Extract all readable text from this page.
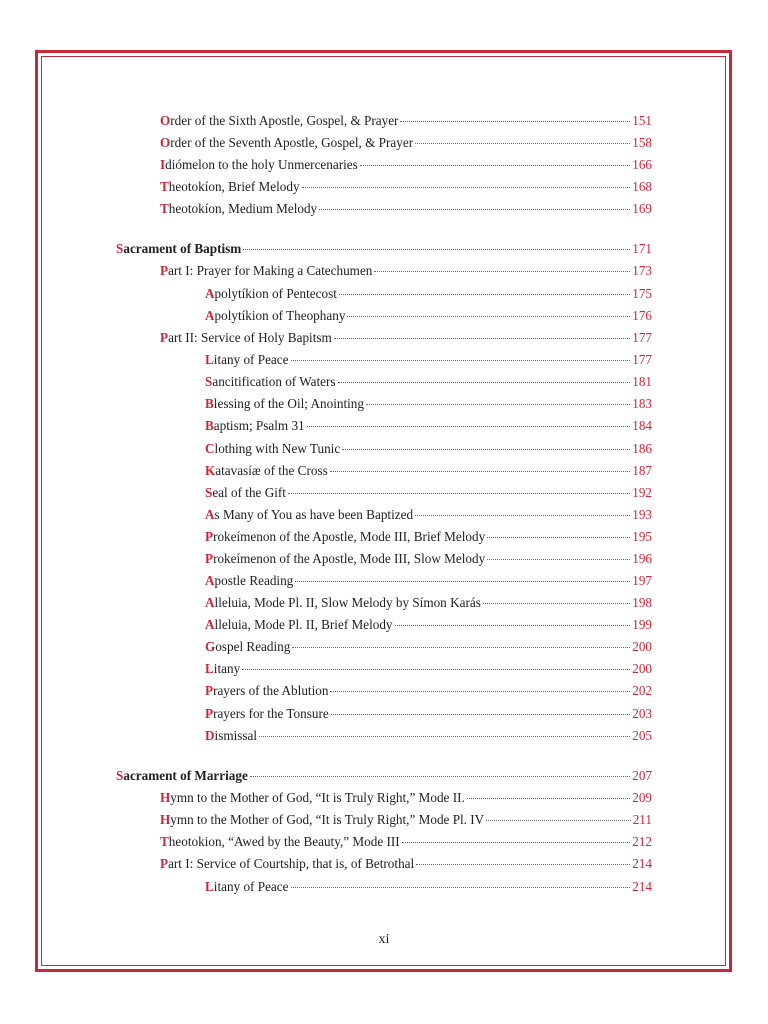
Order of the Sixth Apostle, Gospel, & Prayer	151
Order of the Seventh Apostle, Gospel, & Prayer	158
Idiómelon to the holy Unmercenaries	166
Theotokíon, Brief Melody	168
Theotokíon, Medium Melody	169
Sacrament of Baptism	171
Part I: Prayer for Making a Catechumen	173
Apolytíkion of Pentecost	175
Apolytíkion of Theophany	176
Part II: Service of Holy Bapitsm	177
Litany of Peace	177
Sancitification of Waters	181
Blessing of the Oil; Anointing	183
Baptism; Psalm 31	184
Clothing with New Tunic	186
Katavasíæ of the Cross	187
Seal of the Gift	192
As Many of You as have been Baptized	193
Prokeímenon of the Apostle, Mode III, Brief Melody	195
Prokeímenon of the Apostle, Mode III, Slow Melody	196
Apostle Reading	197
Alleluia, Mode Pl. II, Slow Melody by Símon Karás	198
Alleluia, Mode Pl. II, Brief Melody	199
Gospel Reading	200
Litany	200
Prayers of the Ablution	202
Prayers for the Tonsure	203
Dismissal	205
Sacrament of Marriage	207
Hymn to the Mother of God, “It is Truly Right,” Mode II.	209
Hymn to the Mother of God, “It is Truly Right,” Mode Pl. IV	211
Theotokion, “Awed by the Beauty,” Mode III	212
Part I: Service of Courtship, that is, of Betrothal	214
Litany of Peace	214
xi
